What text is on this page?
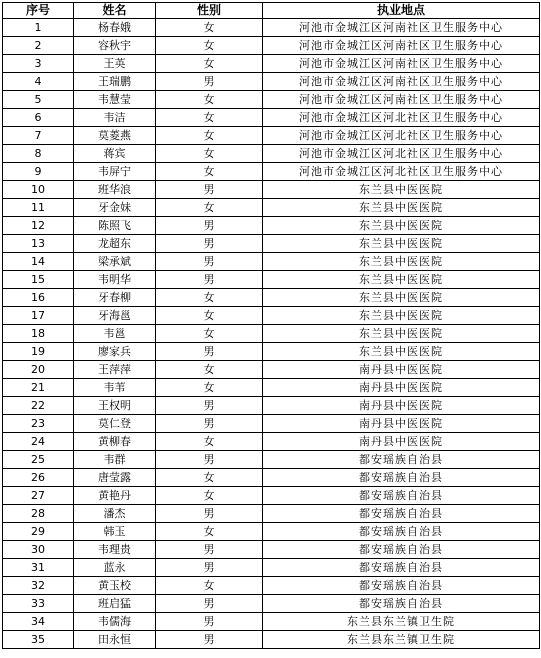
序号	姓名	性别	执业地点
1	杨春娥	女	河池市金城江区河南社区卫生服务中心
2	容秋宇	女	河池市金城江区河南社区卫生服务中心
3	王英	女	河池市金城江区河南社区卫生服务中心
4	王瑞鹏	男	河池市金城江区河南社区卫生服务中心
5	韦慧莹	女	河池市金城江区河南社区卫生服务中心
6	韦洁	女	河池市金城江区河北社区卫生服务中心
7	莫菱燕	女	河池市金城江区河北社区卫生服务中心
8	蒋宾	女	河池市金城江区河北社区卫生服务中心
9	韦屏宁	女	河池市金城江区河北社区卫生服务中心
10	班华浪	男	东兰县中医医院
11	牙金妹	女	东兰县中医医院
12	陈照飞	男	东兰县中医医院
13	龙超东	男	东兰县中医医院
14	梁承斌	男	东兰县中医医院
15	韦明华	男	东兰县中医医院
16	牙春柳	女	东兰县中医医院
17	牙海邕	女	东兰县中医医院
18	韦邕	女	东兰县中医医院
19	廖家兵	男	东兰县中医医院
20	王萍萍	女	南丹县中医医院
21	韦苇	女	南丹县中医医院
22	王权明	男	南丹县中医医院
23	莫仁登	男	南丹县中医医院
24	黄柳春	女	南丹县中医医院
25	韦群	男	都安瑶族自治县
26	唐莹露	女	都安瑶族自治县
27	黄艳丹	女	都安瑶族自治县
28	潘杰	男	都安瑶族自治县
29	韩玉	女	都安瑶族自治县
30	韦理贵	男	都安瑶族自治县
31	蓝永	男	都安瑶族自治县
32	黄玉校	女	都安瑶族自治县
33	班启猛	男	都安瑶族自治县
34	韦儒海	男	东兰县东兰镇卫生院
35	田永恒	男	东兰县东兰镇卫生院
